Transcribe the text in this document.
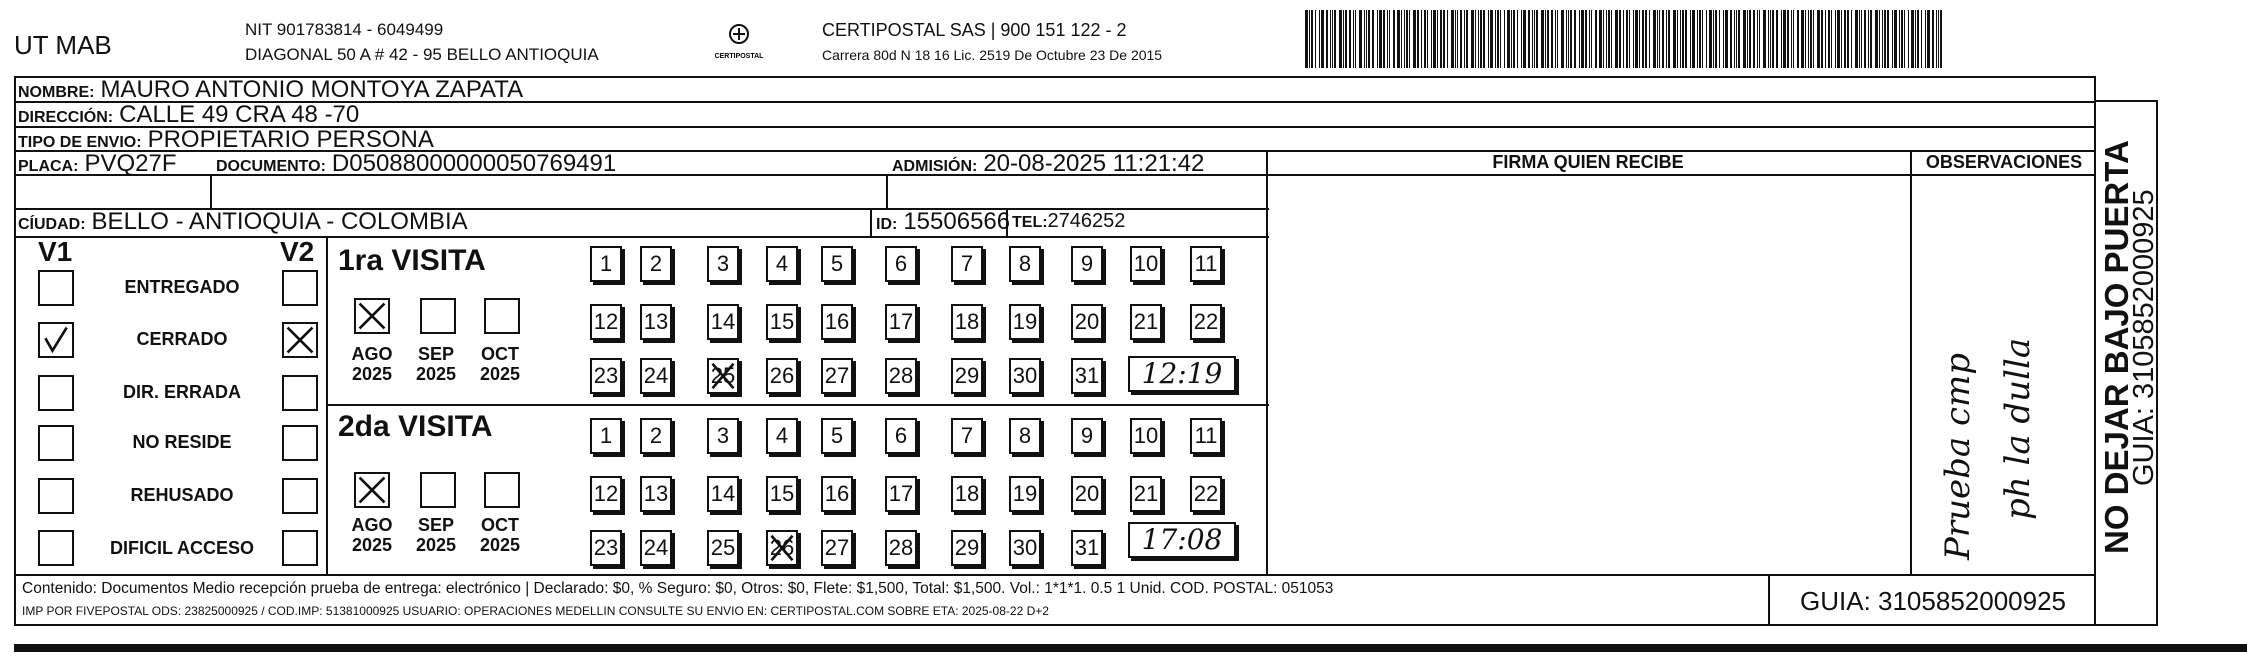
UT MAB
NIT 901783814 - 6049499
DIAGONAL 50 A # 42 - 95 BELLO ANTIOQUIA	CERTIPOSTAL
CERTIPOSTAL SAS | 900 151 122 - 2
Carrera 80d N 18 16 Lic. 2519 De Octubre 23 De 2015
NOMBRE: MAURO ANTONIO MONTOYA ZAPATA
DIRECCIÓN: CALLE 49 CRA 48 -70
TIPO DE ENVIO: PROPIETARIO PERSONA
PLACA: PVQ27F DOCUMENTO: D05088000000050769491	ADMISIÓN: 20-08-2025 11:21:42
CÍUDAD: BELLO - ANTIOQUIA - COLOMBIA	ID: 15506566 TEL: 2746252
FIRMA QUIEN RECIBE	OBSERVACIONES
V1	V2
ENTREGADO
CERRADO
DIR. ERRADA
NO RESIDE
REHUSADO
DIFICIL ACCESO
1ra VISITA
AGO
2025
SEP
2025
OCT
2025
1 2 3 4 5 6 7 8 9 10 11
12 13 14 15 16 17 18 19 20 21 22
23 24 25 26 27 28 29 30 31	12:19
2da VISITA
AGO
2025
SEP
2025
OCT
2025
1 2 3 4 5 6 7 8 9 10 11
12 13 14 15 16 17 18 19 20 21 22
23 24 25 26 27 28 29 30 31	17:08	Prueba cmp ph la dulla
Contenido: Documentos Medio recepción prueba de entrega: electrónico | Declarado: $0, % Seguro: $0, Otros: $0, Flete: $1,500, Total: $1,500. Vol.: 1*1*1. 0.5 1 Unid. COD. POSTAL: 051053
IMP POR FIVEPOSTAL ODS: 23825000925 / COD.IMP: 51381000925 USUARIO: OPERACIONES MEDELLIN CONSULTE SU ENVIO EN: CERTIPOSTAL.COM SOBRE ETA: 2025-08-22 D+2	GUIA: 3105852000925
NO DEJAR BAJO PUERTA
GUIA: 3105852000925
